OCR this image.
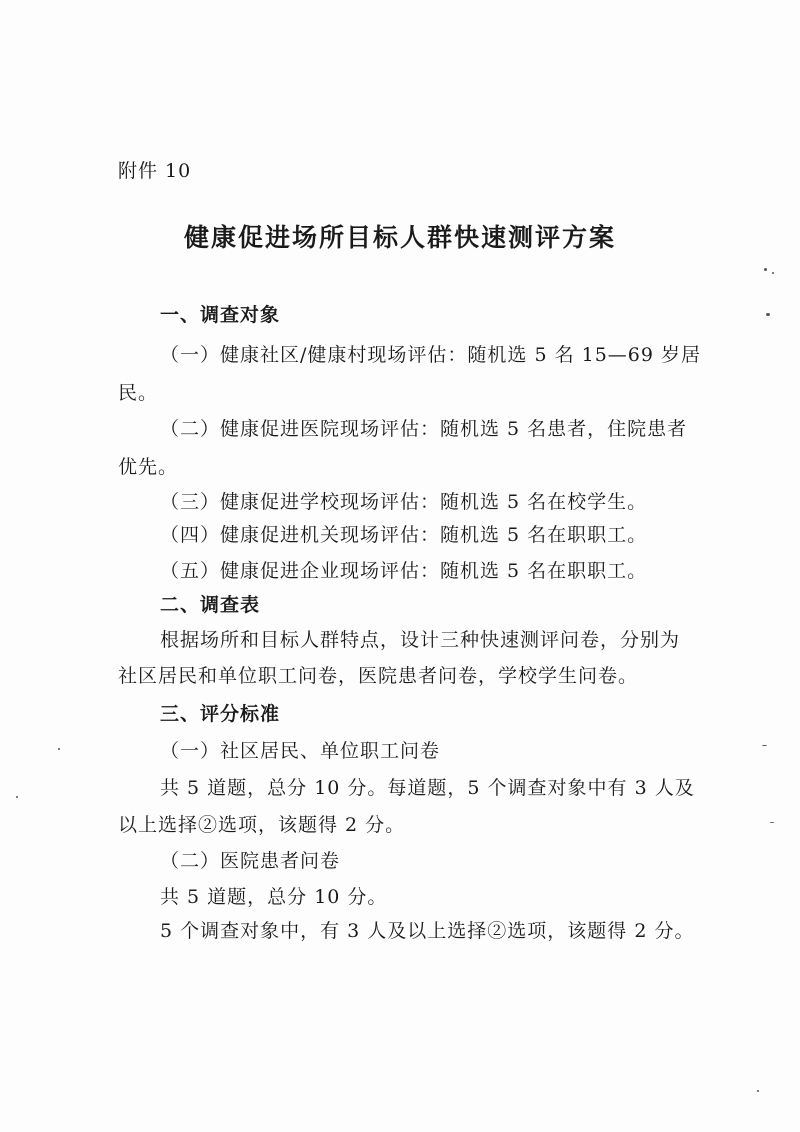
附件 10
健康促进场所目标人群快速测评方案
一、调查对象
（一）健康社区/健康村现场评估：随机选 5 名 15—69 岁居
民。
（二）健康促进医院现场评估：随机选 5 名患者，住院患者
优先。
（三）健康促进学校现场评估：随机选 5 名在校学生。
（四）健康促进机关现场评估：随机选 5 名在职职工。
（五）健康促进企业现场评估：随机选 5 名在职职工。
二、调查表
根据场所和目标人群特点，设计三种快速测评问卷，分别为
社区居民和单位职工问卷，医院患者问卷，学校学生问卷。
三、评分标准
（一）社区居民、单位职工问卷
共 5 道题，总分 10 分。每道题，5 个调查对象中有 3 人及
以上选择②选项，该题得 2 分。
（二）医院患者问卷
共 5 道题，总分 10 分。
5 个调查对象中，有 3 人及以上选择②选项，该题得 2 分。
